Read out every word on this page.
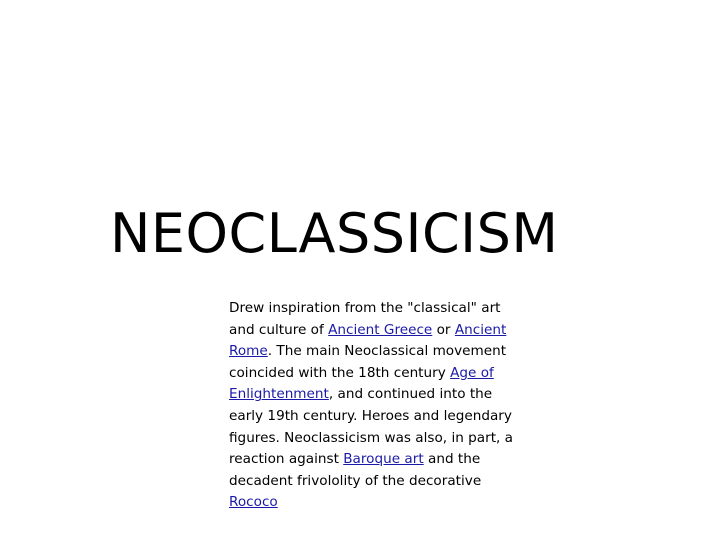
NEOCLASSICISM
Drew inspiration from the "classical" art
and culture of Ancient Greece or Ancient
Rome. The main Neoclassical movement
coincided with the 18th century Age of
Enlightenment, and continued into the
early 19th century. Heroes and legendary
figures. Neoclassicism was also, in part, a
reaction against Baroque art and the
decadent frivololity of the decorative
Rococo
